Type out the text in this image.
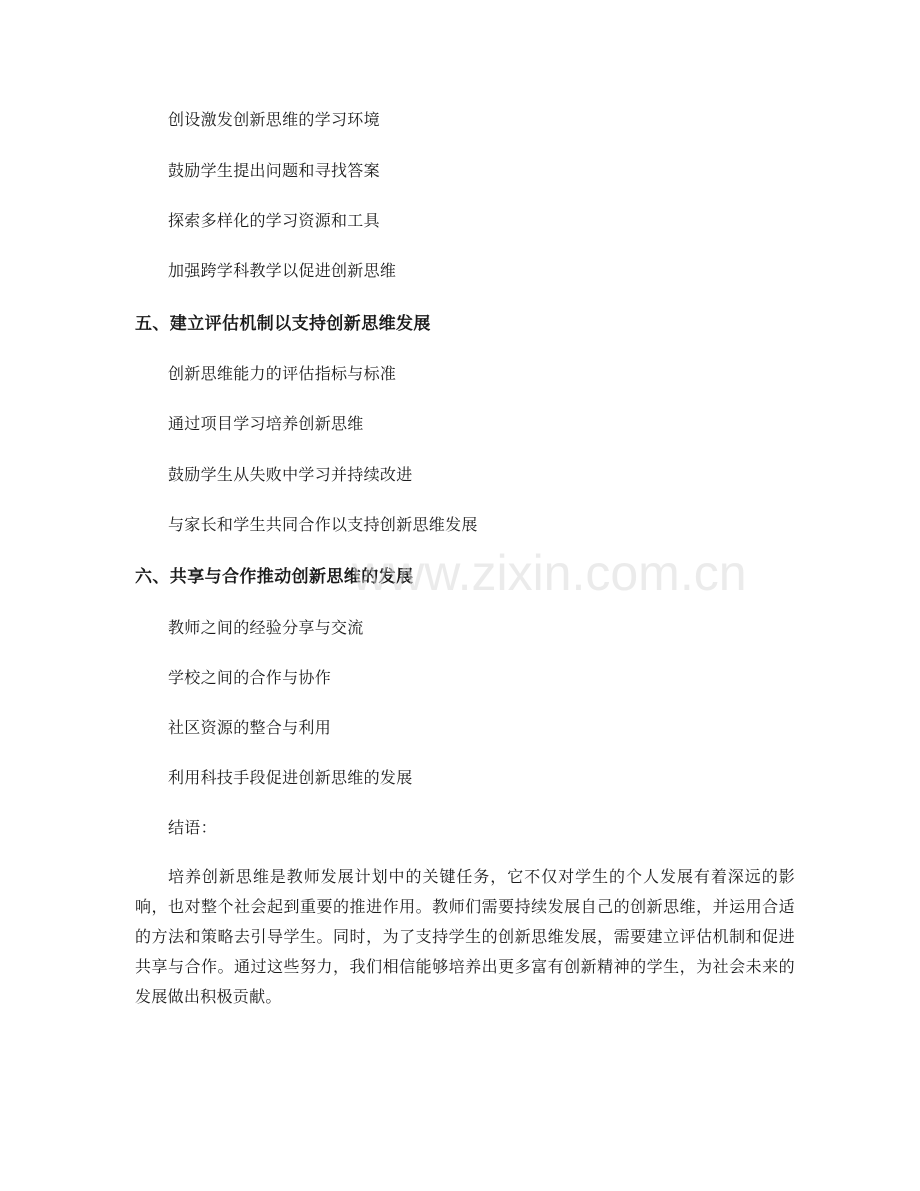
创设激发创新思维的学习环境
鼓励学生提出问题和寻找答案
探索多样化的学习资源和工具
加强跨学科教学以促进创新思维
五、建立评估机制以支持创新思维发展
创新思维能力的评估指标与标准
通过项目学习培养创新思维
鼓励学生从失败中学习并持续改进
与家长和学生共同合作以支持创新思维发展
六、共享与合作推动创新思维的发展
教师之间的经验分享与交流
学校之间的合作与协作
社区资源的整合与利用
利用科技手段促进创新思维的发展
结语：
培养创新思维是教师发展计划中的关键任务，它不仅对学生的个人发展有着深远的影响，也对整个社会起到重要的推进作用。教师们需要持续发展自己的创新思维，并运用合适的方法和策略去引导学生。同时，为了支持学生的创新思维发展，需要建立评估机制和促进共享与合作。通过这些努力，我们相信能够培养出更多富有创新精神的学生，为社会未来的发展做出积极贡献。
www.zixin.com.cn
